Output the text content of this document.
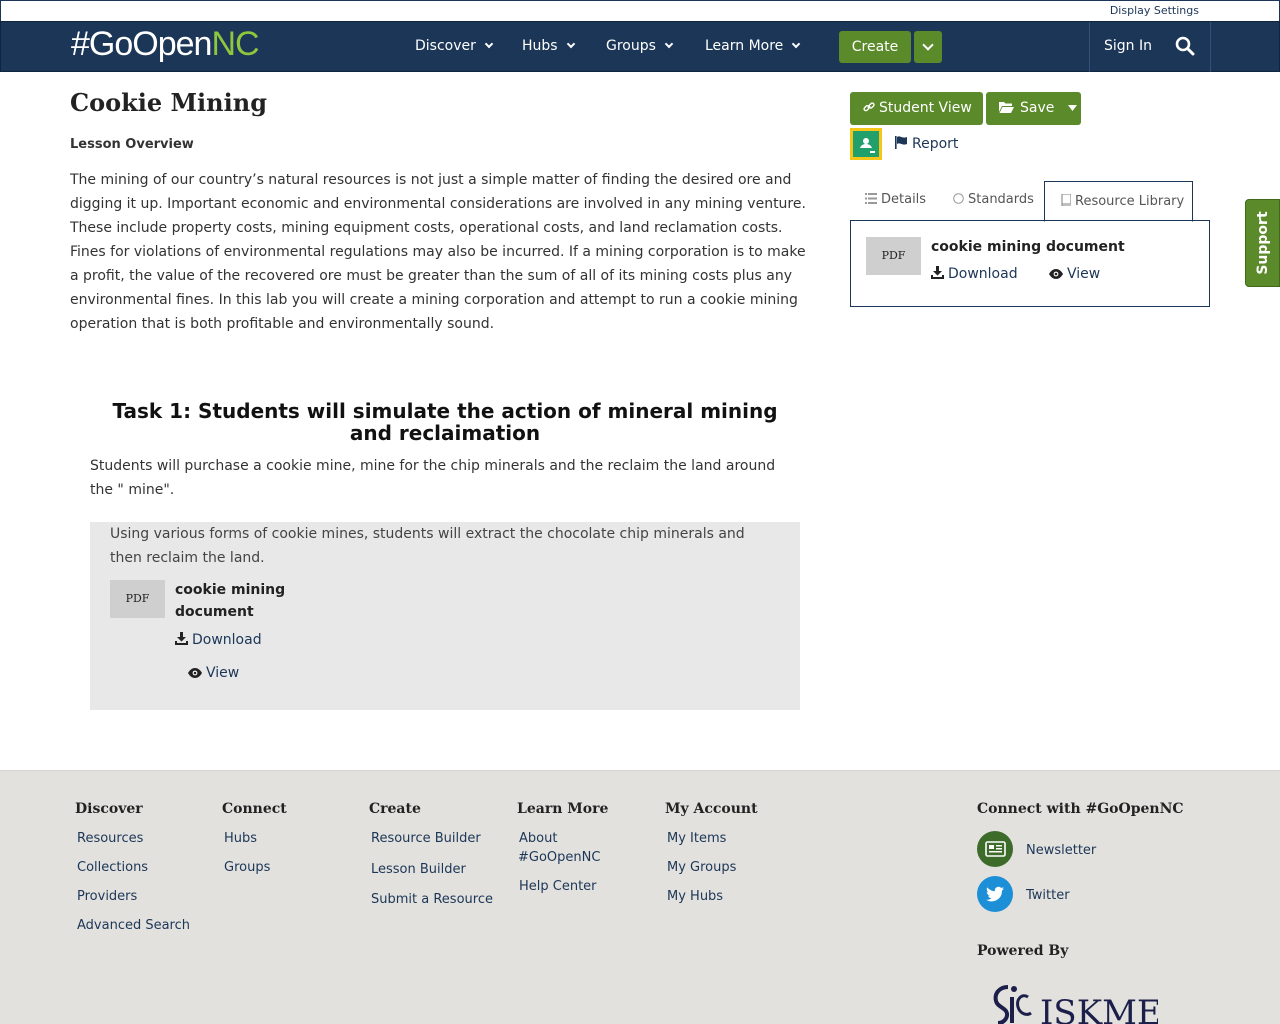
Display Settings
#GoOpenNC	Discover	Hubs	Groups	Learn More	Create	Sign In
Cookie Mining
Lesson Overview

The mining of our country’s natural resources is not just a simple matter of finding the desired ore and digging it up. Important economic and environmental considerations are involved in any mining venture. These include property costs, mining equipment costs, operational costs, and land reclamation costs. Fines for violations of environmental regulations may also be incurred. If a mining corporation is to make a profit, the value of the recovered ore must be greater than the sum of all of its mining costs plus any environmental fines. In this lab you will create a mining corporation and attempt to run a cookie mining operation that is both profitable and environmentally sound.

Task 1: Students will simulate the action of mineral mining and reclaimation

Students will purchase a cookie mine, mine for the chip minerals and the reclaim the land around the " mine".

Using various forms of cookie mines, students will extract the chocolate chip minerals and then reclaim the land.

PDF
cookie mining
document
Download
View
Student View	Save
Report
Details	Standards	Resource Library
PDF
cookie mining document
Download	View	Support
Discover
Resources
Collections
Providers
Advanced Search
Connect
Hubs
Groups
Create
Resource Builder
Lesson Builder
Submit a Resource
Learn More
About
#GoOpenNC
Help Center
My Account
My Items
My Groups
My Hubs
Connect with #GoOpenNC
Newsletter
Twitter
Powered By
ISKME
